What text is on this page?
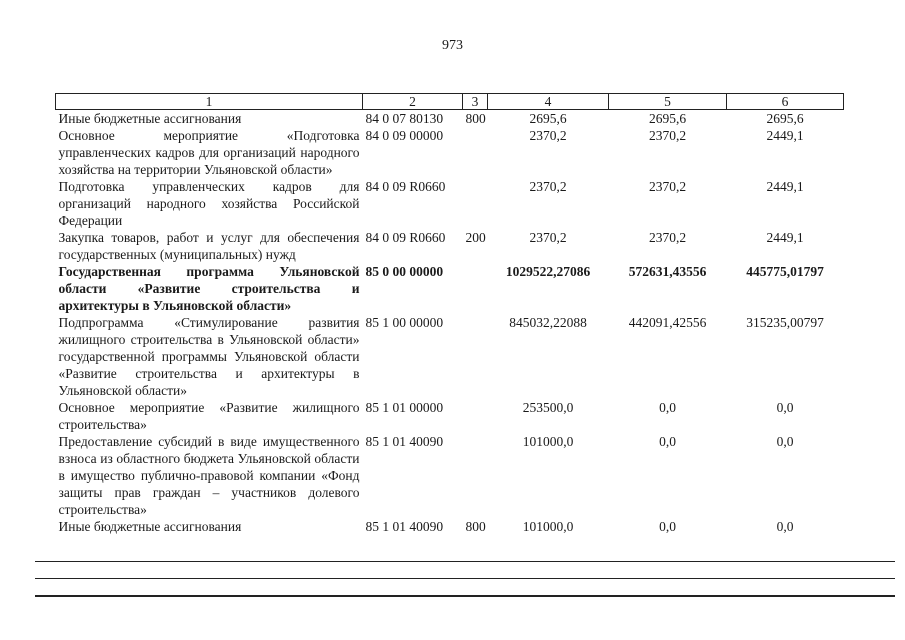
973
1	2	3	4	5	6
Иные бюджетные ассигнования	84 0 07 80130	800	2695,6	2695,6	2695,6
Основное мероприятие «Подготовка управленческих кадров для организаций народного хозяйства на территории Ульяновской области»	84 0 09 00000		2370,2	2370,2	2449,1
Подготовка управленческих кадров для организаций народного хозяйства Российской Федерации	84 0 09 R0660		2370,2	2370,2	2449,1
Закупка товаров, работ и услуг для обеспечения государственных (муниципальных) нужд	84 0 09 R0660	200	2370,2	2370,2	2449,1
Государственная программа Ульяновской области «Развитие строительства и архитектуры в Ульяновской области»	85 0 00 00000		1029522,27086	572631,43556	445775,01797
Подпрограмма «Стимулирование развития жилищного строительства в Ульяновской области» государственной программы Ульяновской области «Развитие строительства и архитектуры в Ульяновской области»	85 1 00 00000		845032,22088	442091,42556	315235,00797
Основное мероприятие «Развитие жилищного строительства»	85 1 01 00000		253500,0	0,0	0,0
Предоставление субсидий в виде имущественного взноса из областного бюджета Ульяновской области в имущество публично-правовой компании «Фонд защиты прав граждан – участников долевого строительства»	85 1 01 40090		101000,0	0,0	0,0
Иные бюджетные ассигнования	85 1 01 40090	800	101000,0	0,0	0,0
